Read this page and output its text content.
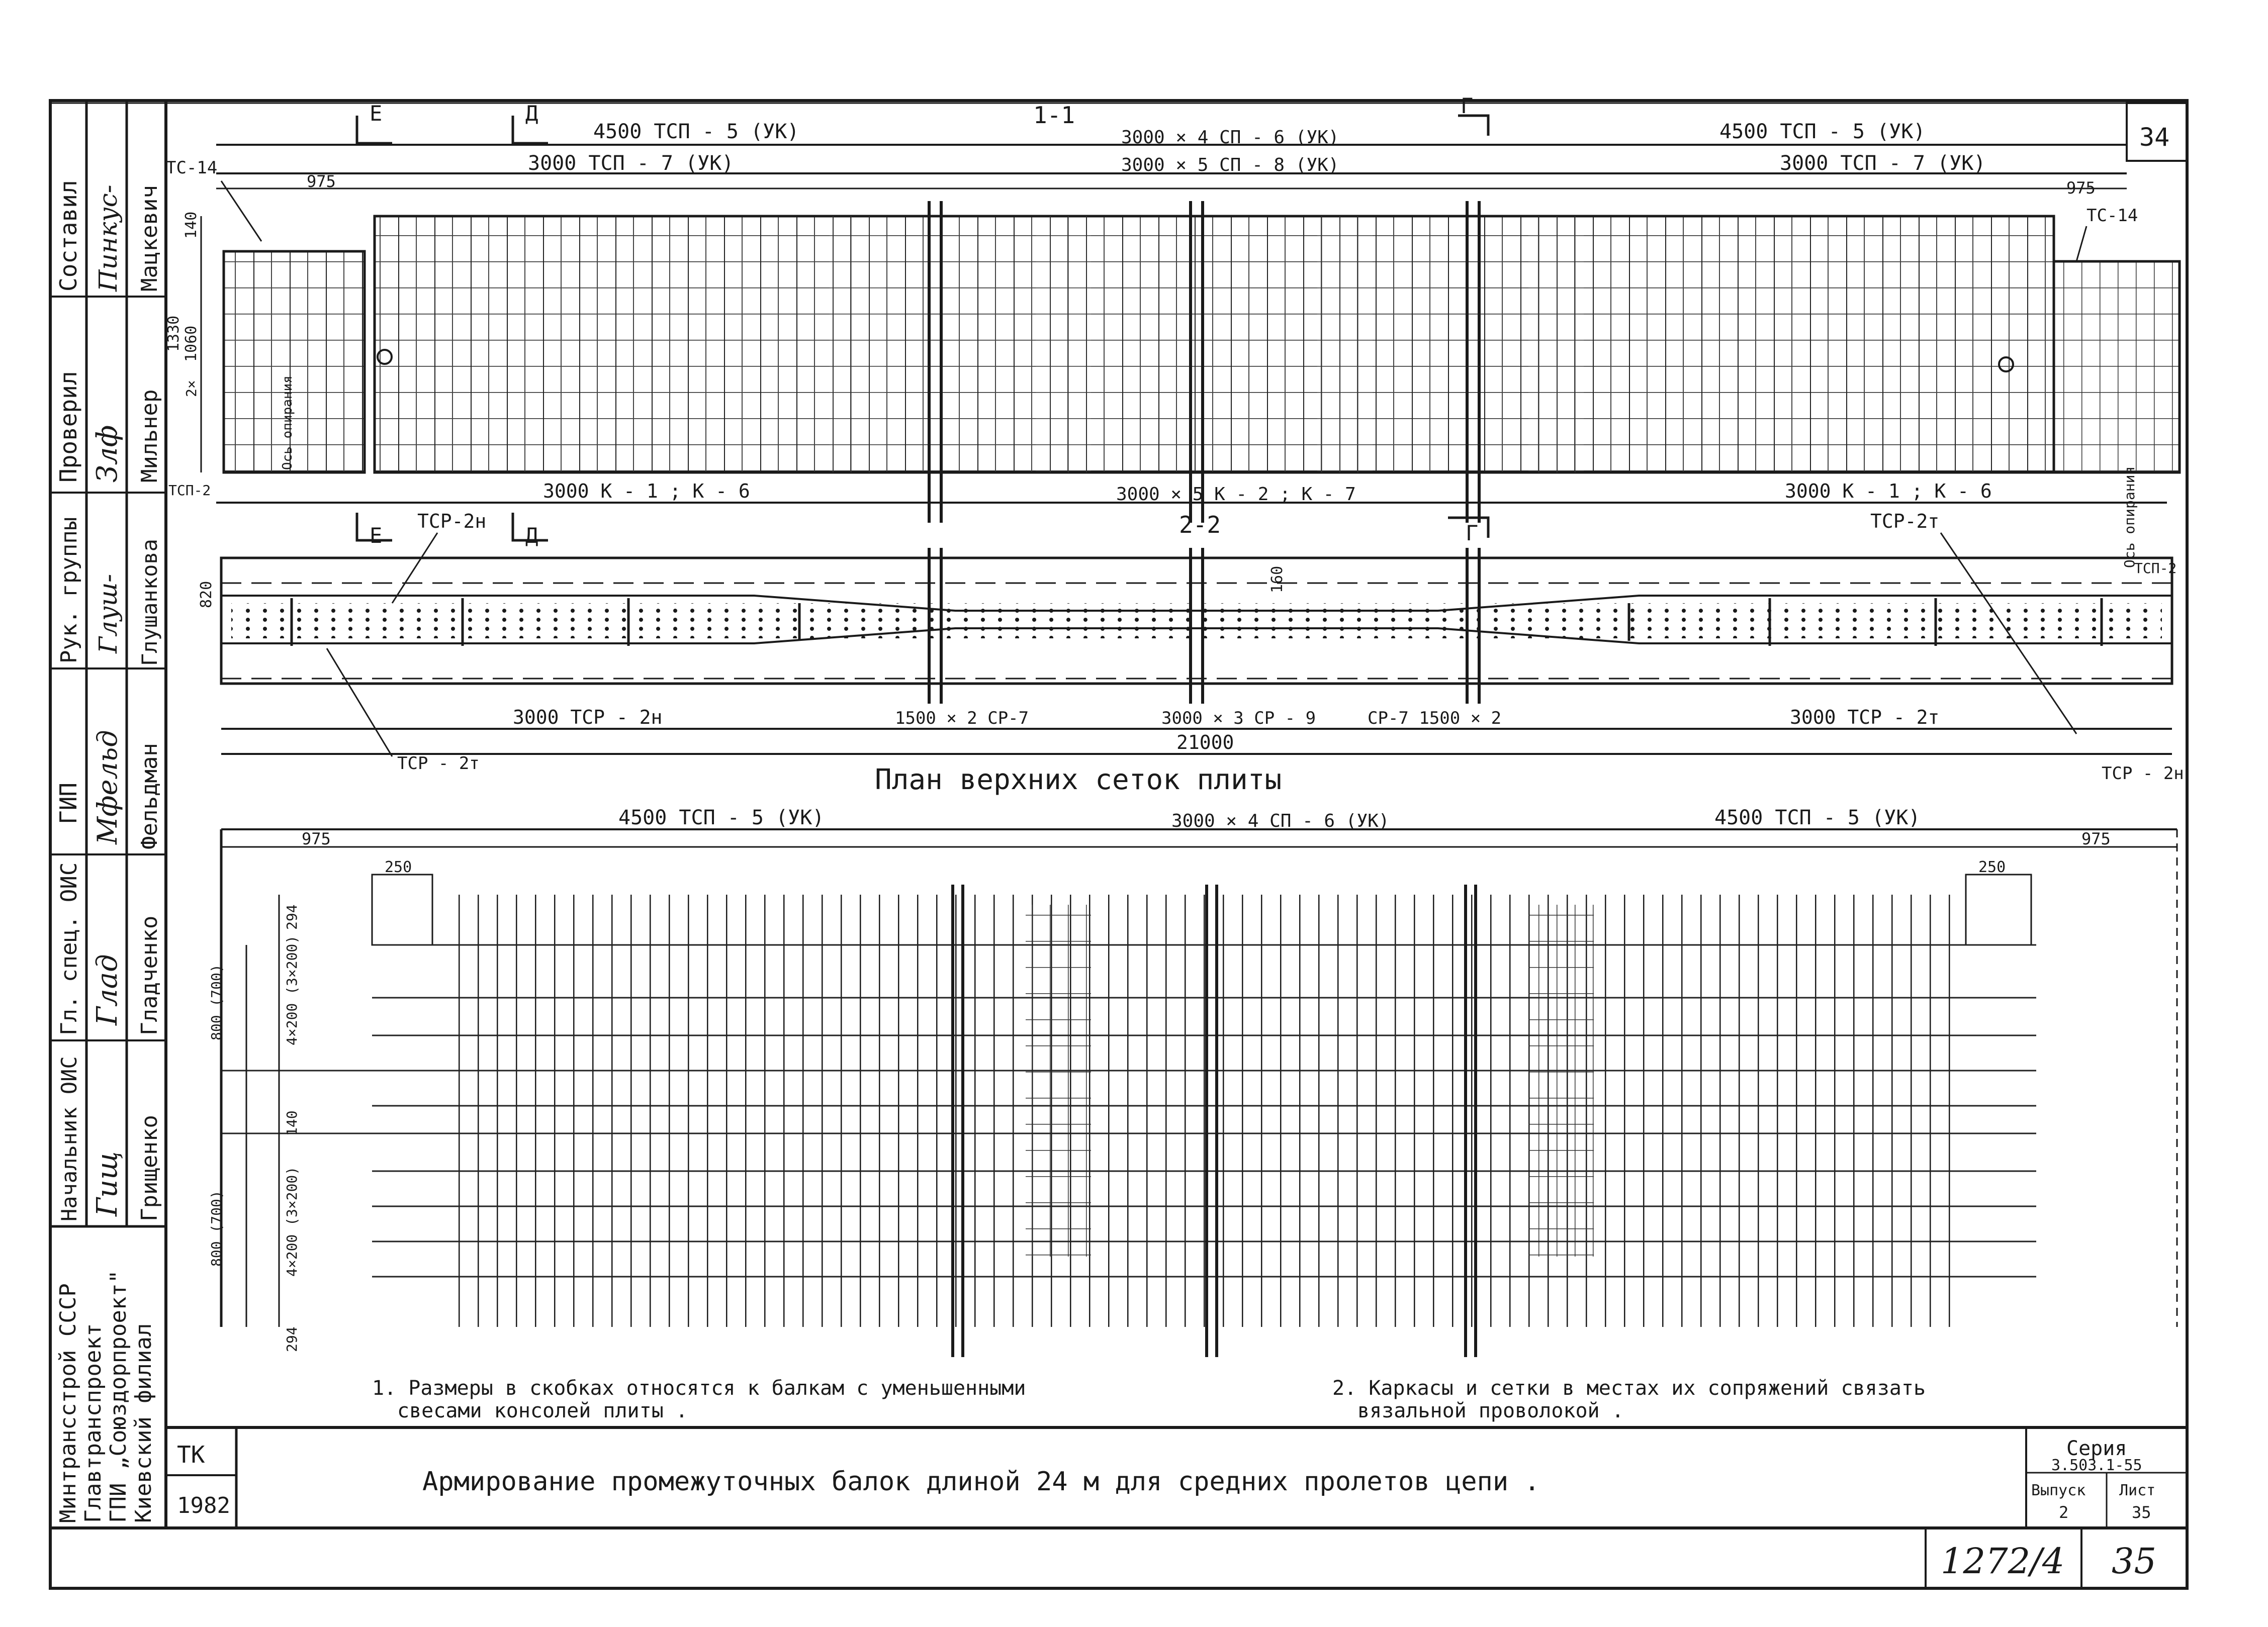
Составил Пинкус- Мацкевич
Проверил Злф Мильнер
Рук. группы Глуш- Глушанкова
ГИП Мфельд Фельдман
Гл. спец. ОИС Глад Гладченко
Начальник ОИС Гищ Грищенко
Минтрансстрой СССР Главтранспроект ГПИ „Союздорпроект" Киевский филиал ТК
1982
Армирование промежуточных балок длиной 24 м для средних пролетов цепи .
Серия
3.503.1-55
Выпуск
2
Лист
35
1272/4 35
34
1-1
Е	Д	Г
4500 ТСП - 5 (УК)	3000 × 4 СП - 6 (УК)	4500 ТСП - 5 (УК)
3000 ТСП - 7 (УК)	3000 × 5 СП - 8 (УК)	3000 ТСП - 7 (УК)
975	975
ТС-14
ТС-14
140
1330 1060
2×	Ось опирания
Ось опирания
3000 К - 1 ; К - 6	3000 × 5 К - 2 ; К - 7	3000 К - 1 ; К - 6
ТСП-2
ТСП-2
2-2
Е	Д	Г
ТСР-2н	ТСР-2т
820
160
3000 ТСР - 2н	1500 × 2 СР-7	3000 × 3 СР - 9	СР-7 1500 × 2	3000 ТСР - 2т
21000
ТСР - 2т	ТСР - 2н
План верхних сеток плиты
4500 ТСП - 5 (УК)	3000 × 4 СП - 6 (УК)	4500 ТСП - 5 (УК)
975	975
250	250
294
800 (700)	4×200 (3×200)
140
800 (700)	4×200 (3×200)
294
1. Размеры в скобках относятся к балкам с уменьшенными
свесами консолей плиты .
2. Каркасы и сетки в местах их сопряжений связать
вязальной проволокой .
